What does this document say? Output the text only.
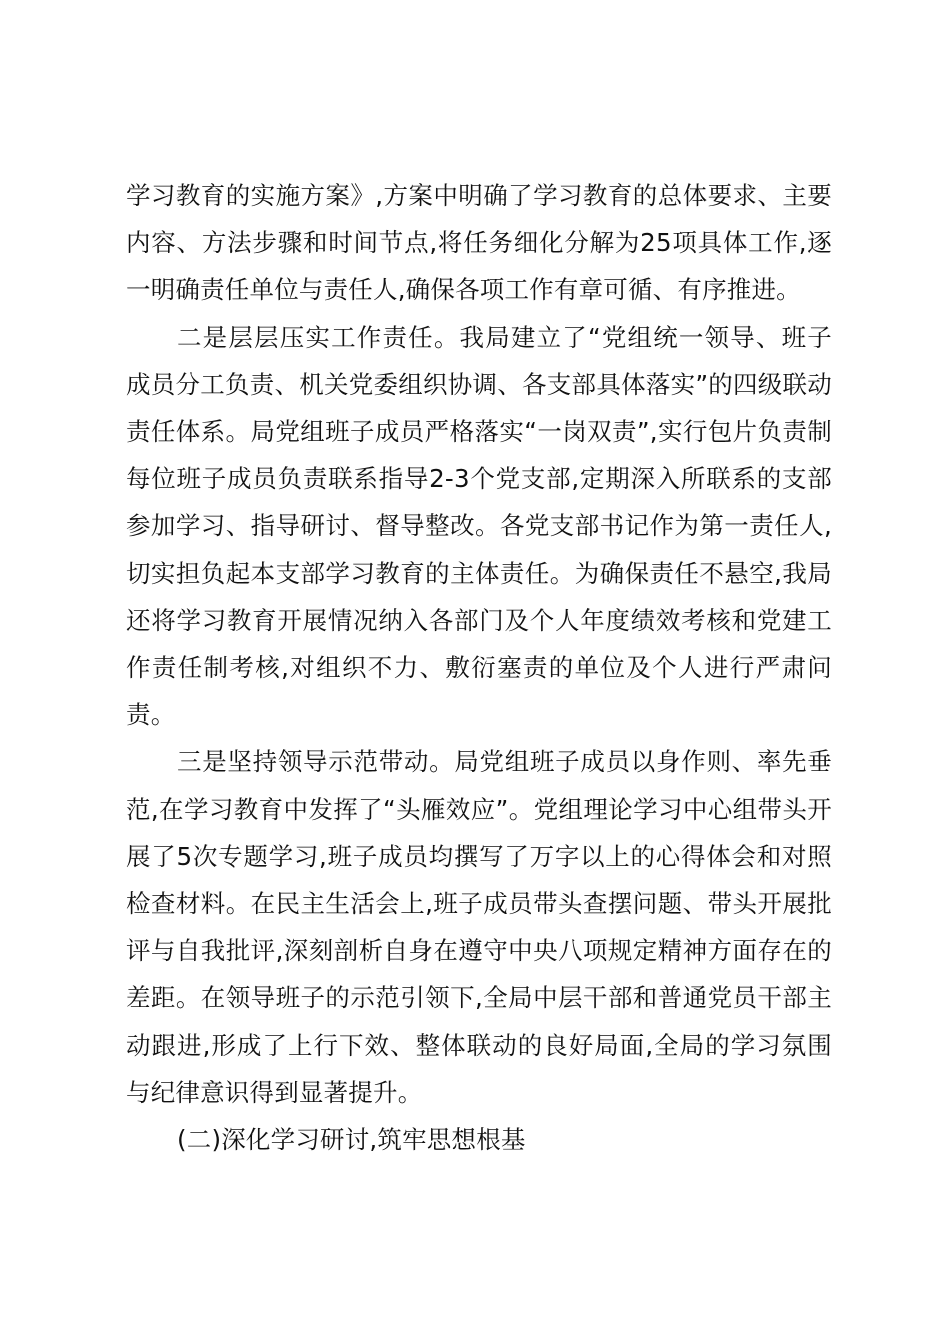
学习教育的实施方案》,方案中明确了学习教育的总体要求、主要内容、方法步骤和时间节点,将任务细化分解为25项具体工作,逐一明确责任单位与责任人,确保各项工作有章可循、有序推进。

二是层层压实工作责任。我局建立了“党组统一领导、班子成员分工负责、机关党委组织协调、各支部具体落实”的四级联动责任体系。局党组班子成员严格落实“一岗双责”,实行包片负责制每位班子成员负责联系指导2-3个党支部,定期深入所联系的支部参加学习、指导研讨、督导整改。各党支部书记作为第一责任人,切实担负起本支部学习教育的主体责任。为确保责任不悬空,我局还将学习教育开展情况纳入各部门及个人年度绩效考核和党建工作责任制考核,对组织不力、敷衍塞责的单位及个人进行严肃问责。

三是坚持领导示范带动。局党组班子成员以身作则、率先垂范,在学习教育中发挥了“头雁效应”。党组理论学习中心组带头开展了5次专题学习,班子成员均撰写了万字以上的心得体会和对照检查材料。在民主生活会上,班子成员带头查摆问题、带头开展批评与自我批评,深刻剖析自身在遵守中央八项规定精神方面存在的差距。在领导班子的示范引领下,全局中层干部和普通党员干部主动跟进,形成了上行下效、整体联动的良好局面,全局的学习氛围与纪律意识得到显著提升。

(二)深化学习研讨,筑牢思想根基
